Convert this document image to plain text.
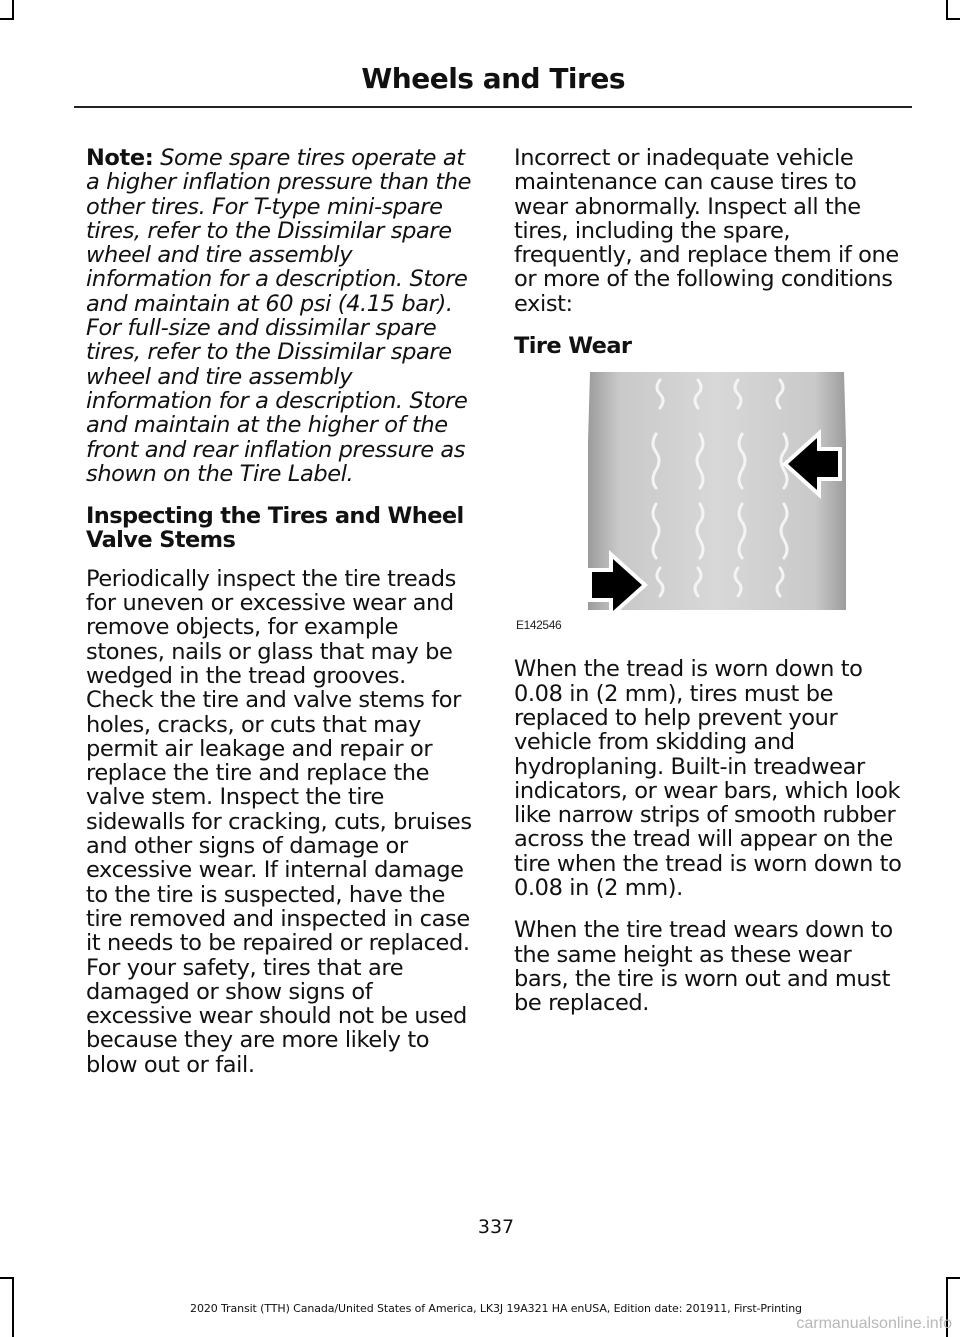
Wheels and Tires

Note: Some spare tires operate at a higher inflation pressure than the other tires. For T-type mini-spare tires, refer to the Dissimilar spare wheel and tire assembly information for a description. Store and maintain at 60 psi (4.15 bar). For full-size and dissimilar spare tires, refer to the Dissimilar spare wheel and tire assembly information for a description. Store and maintain at the higher of the front and rear inflation pressure as shown on the Tire Label.

Inspecting the Tires and Wheel Valve Stems

Periodically inspect the tire treads for uneven or excessive wear and remove objects, for example stones, nails or glass that may be wedged in the tread grooves. Check the tire and valve stems for holes, cracks, or cuts that may permit air leakage and repair or replace the tire and replace the valve stem. Inspect the tire sidewalls for cracking, cuts, bruises and other signs of damage or excessive wear. If internal damage to the tire is suspected, have the tire removed and inspected in case it needs to be repaired or replaced. For your safety, tires that are damaged or show signs of excessive wear should not be used because they are more likely to blow out or fail.

Incorrect or inadequate vehicle maintenance can cause tires to wear abnormally. Inspect all the tires, including the spare, frequently, and replace them if one or more of the following conditions exist:

Tire Wear
E142546

When the tread is worn down to 0.08 in (2 mm), tires must be replaced to help prevent your vehicle from skidding and hydroplaning. Built-in treadwear indicators, or wear bars, which look like narrow strips of smooth rubber across the tread will appear on the tire when the tread is worn down to 0.08 in (2 mm).

When the tire tread wears down to the same height as these wear bars, the tire is worn out and must be replaced.

337
2020 Transit (TTH) Canada/United States of America, LK3J 19A321 HA enUSA, Edition date: 201911, First-Printing
carmanualsonline.info
